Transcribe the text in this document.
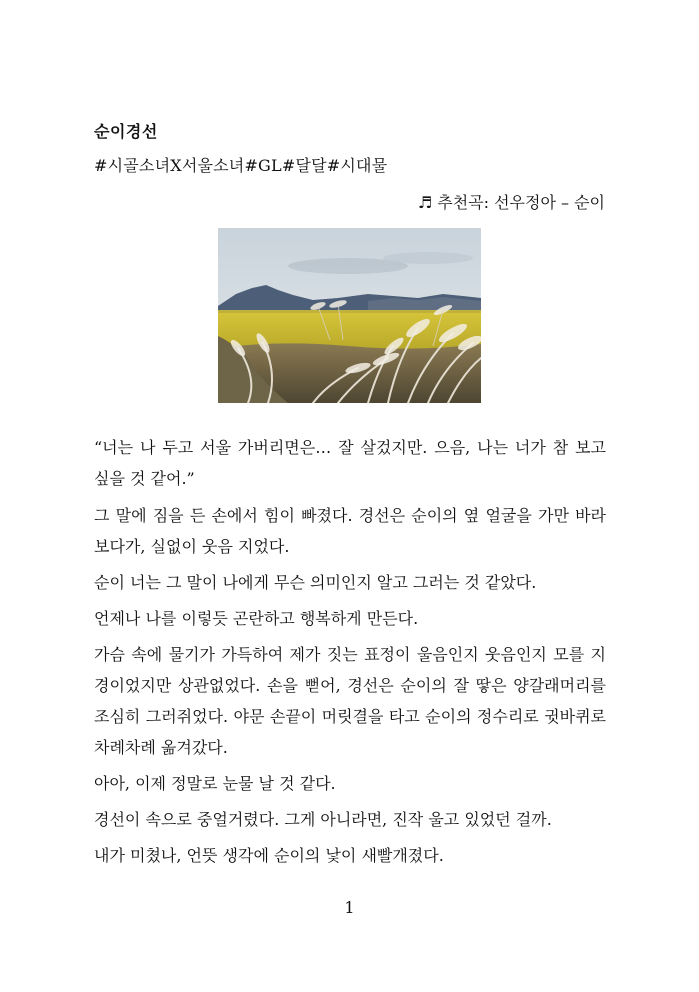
순이경선
#시골소녀X서울소녀#GL#달달#시대물
♬ 추천곡: 선우정아 – 순이

“너는 나 두고 서울 가버리면은… 잘 살겄지만. 으음, 나는 너가 참 보고 싶을 것 같어.”

그 말에 짐을 든 손에서 힘이 빠졌다. 경선은 순이의 옆 얼굴을 가만 바라보다가, 실없이 웃음 지었다.

순이 너는 그 말이 나에게 무슨 의미인지 알고 그러는 것 같았다.

언제나 나를 이렇듯 곤란하고 행복하게 만든다.

가슴 속에 물기가 가득하여 제가 짓는 표정이 울음인지 웃음인지 모를 지경이었지만 상관없었다. 손을 뻗어, 경선은 순이의 잘 땋은 양갈래머리를 조심히 그러쥐었다. 야문 손끝이 머릿결을 타고 순이의 정수리로 귓바퀴로 차례차례 옮겨갔다.

아아, 이제 정말로 눈물 날 것 같다.

경선이 속으로 중얼거렸다. 그게 아니라면, 진작 울고 있었던 걸까.

내가 미쳤나, 언뜻 생각에 순이의 낯이 새빨개졌다.

1
